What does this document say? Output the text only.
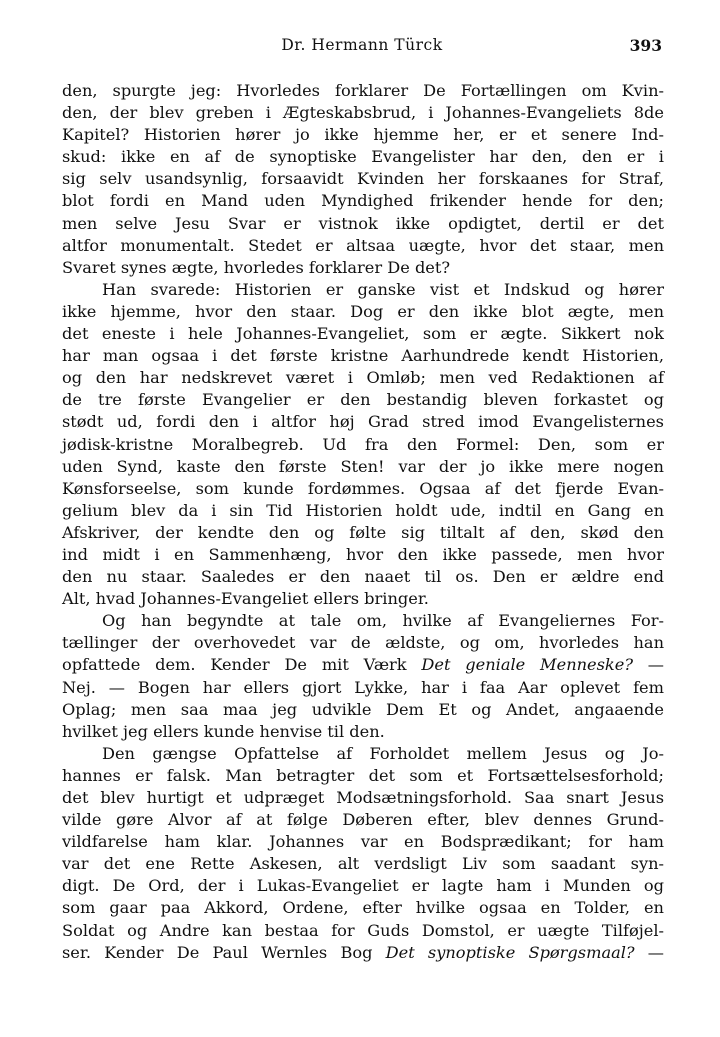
Dr. Hermann Türck	393
den, spurgte jeg: Hvorledes forklarer De Fortællingen om Kvin-
den, der blev greben i Ægteskabsbrud, i Johannes-Evangeliets 8de
Kapitel? Historien hører jo ikke hjemme her, er et senere Ind-
skud: ikke en af de synoptiske Evangelister har den, den er i
sig selv usandsynlig, forsaavidt Kvinden her forskaanes for Straf,
blot fordi en Mand uden Myndighed frikender hende for den;
men selve Jesu Svar er vistnok ikke opdigtet, dertil er det
altfor monumentalt. Stedet er altsaa uægte, hvor det staar, men
Svaret synes ægte, hvorledes forklarer De det?
Han svarede: Historien er ganske vist et Indskud og hører
ikke hjemme, hvor den staar. Dog er den ikke blot ægte, men
det eneste i hele Johannes-Evangeliet, som er ægte. Sikkert nok
har man ogsaa i det første kristne Aarhundrede kendt Historien,
og den har nedskrevet været i Omløb; men ved Redaktionen af
de tre første Evangelier er den bestandig bleven forkastet og
stødt ud, fordi den i altfor høj Grad stred imod Evangelisternes
jødisk-kristne Moralbegreb. Ud fra den Formel: Den, som er
uden Synd, kaste den første Sten! var der jo ikke mere nogen
Kønsforseelse, som kunde fordømmes. Ogsaa af det fjerde Evan-
gelium blev da i sin Tid Historien holdt ude, indtil en Gang en
Afskriver, der kendte den og følte sig tiltalt af den, skød den
ind midt i en Sammenhæng, hvor den ikke passede, men hvor
den nu staar. Saaledes er den naaet til os. Den er ældre end
Alt, hvad Johannes-Evangeliet ellers bringer.
Og han begyndte at tale om, hvilke af Evangeliernes For-
tællinger der overhovedet var de ældste, og om, hvorledes han
opfattede dem. Kender De mit Værk Det geniale Menneske? —
Nej. — Bogen har ellers gjort Lykke, har i faa Aar oplevet fem
Oplag; men saa maa jeg udvikle Dem Et og Andet, angaaende
hvilket jeg ellers kunde henvise til den.
Den gængse Opfattelse af Forholdet mellem Jesus og Jo-
hannes er falsk. Man betragter det som et Fortsættelsesforhold;
det blev hurtigt et udpræget Modsætningsforhold. Saa snart Jesus
vilde gøre Alvor af at følge Døberen efter, blev dennes Grund-
vildfarelse ham klar. Johannes var en Bodsprædikant; for ham
var det ene Rette Askesen, alt verdsligt Liv som saadant syn-
digt. De Ord, der i Lukas-Evangeliet er lagte ham i Munden og
som gaar paa Akkord, Ordene, efter hvilke ogsaa en Tolder, en
Soldat og Andre kan bestaa for Guds Domstol, er uægte Tilføjel-
ser. Kender De Paul Wernles Bog Det synoptiske Spørgsmaal? —
